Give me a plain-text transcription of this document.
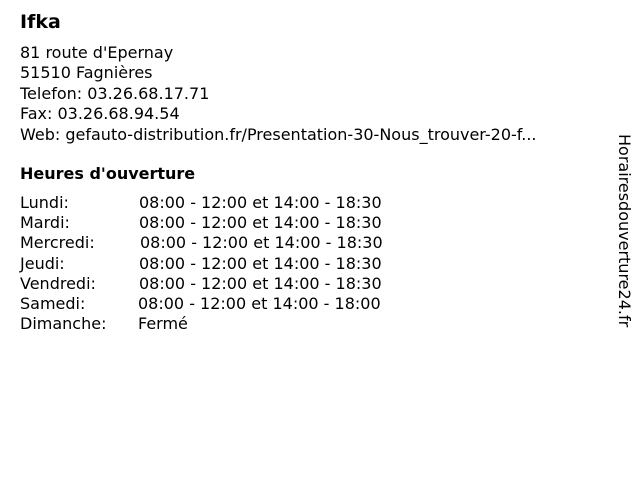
Ifka
81 route d'Epernay
51510 Fagnières
Telefon: 03.26.68.17.71
Fax: 03.26.68.94.54
Web: gefauto-distribution.fr/Presentation-30-Nous_trouver-20-f...
Heures d'ouverture
Lundi:	08:00 - 12:00 et 14:00 - 18:30
Mardi:	08:00 - 12:00 et 14:00 - 18:30
Mercredi:	08:00 - 12:00 et 14:00 - 18:30
Jeudi:	08:00 - 12:00 et 14:00 - 18:30
Vendredi:	08:00 - 12:00 et 14:00 - 18:30
Samedi:	08:00 - 12:00 et 14:00 - 18:00
Dimanche: Fermé	Horairesdouverture24.fr
